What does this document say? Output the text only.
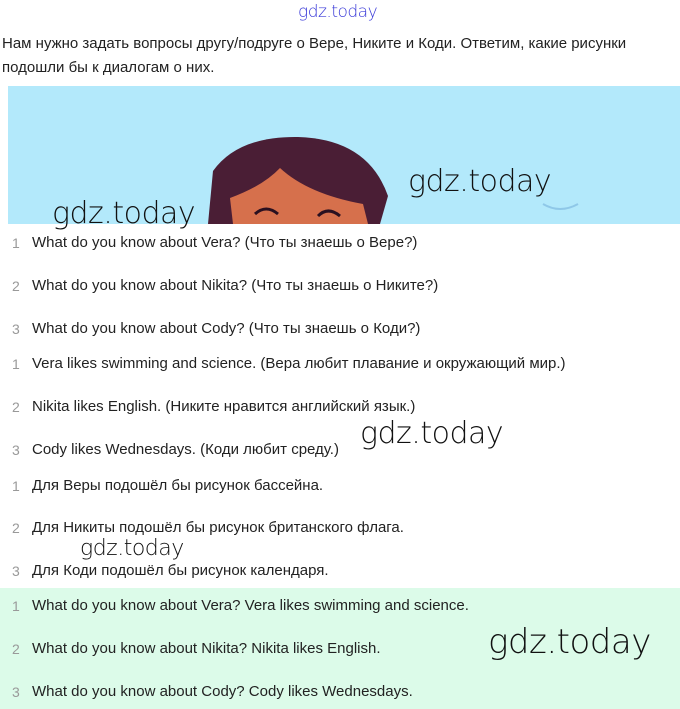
gdz.today
Нам нужно задать вопросы другу/подруге о Вере, Никите и Коди. Ответим, какие рисунки подошли бы к диалогам о них.
gdz.today
gdz.today
1 What do you know about Vera? (Что ты знаешь о Вере?)
2 What do you know about Nikita? (Что ты знаешь о Никите?)
3 What do you know about Cody? (Что ты знаешь о Коди?)
1 Vera likes swimming and science. (Вера любит плавание и окружающий мир.)
2 Nikita likes English. (Никите нравится английский язык.)
3 Cody likes Wednesdays. (Коди любит среду.) gdz.today
1 Для Веры подошёл бы рисунок бассейна.
2 Для Никиты подошёл бы рисунок британского флага.
gdz.today
3 Для Коди подошёл бы рисунок календаря.
1 What do you know about Vera? Vera likes swimming and science.
2 What do you know about Nikita? Nikita likes English.
3 What do you know about Cody? Cody likes Wednesdays.
gdz.today
